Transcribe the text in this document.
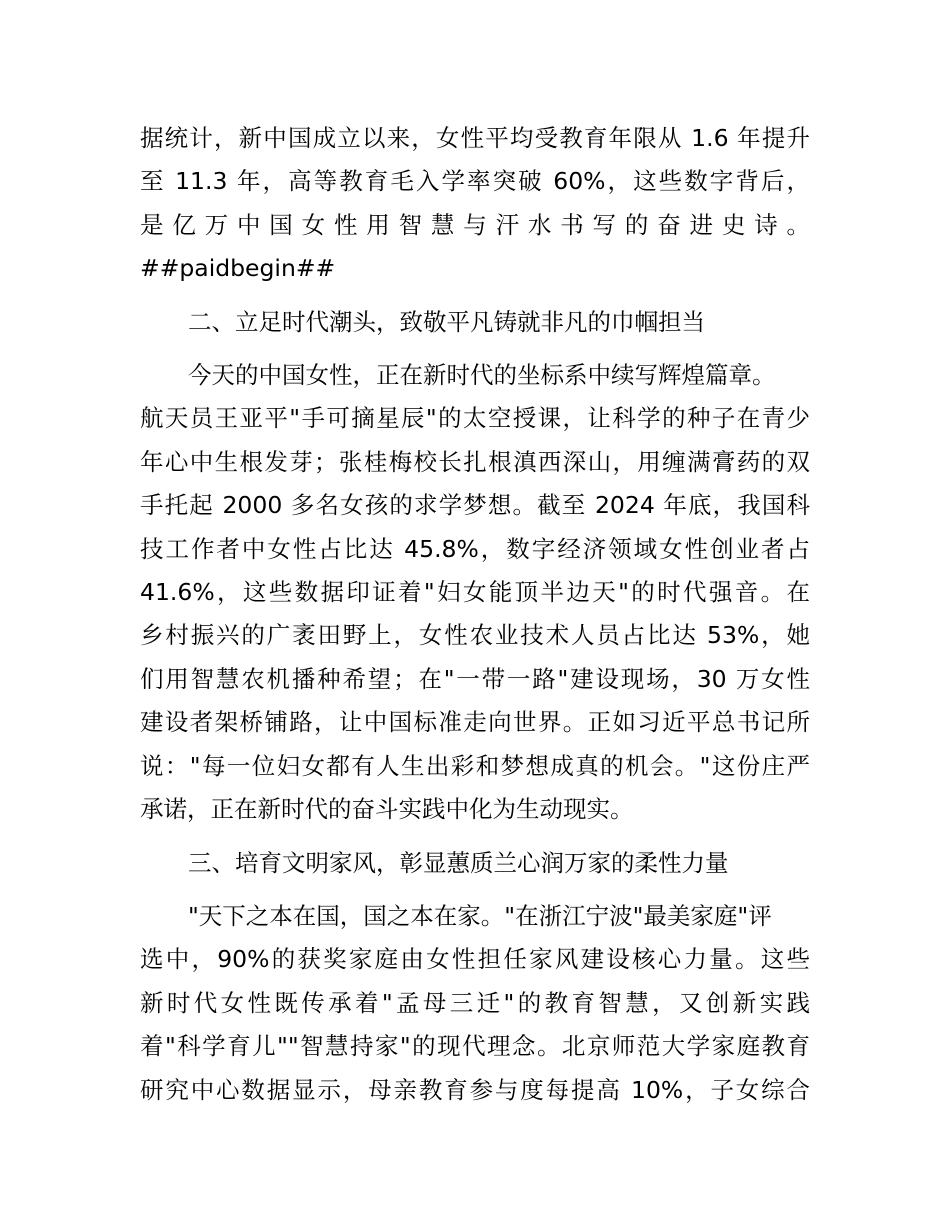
据统计，新中国成立以来，女性平均受教育年限从 1.6 年提升
至 11.3 年，高等教育毛入学率突破 60%，这些数字背后，
是亿万中国女性用智慧与汗水书写的奋进史诗。
##paidbegin##

二、立足时代潮头，致敬平凡铸就非凡的巾帼担当

今天的中国女性，正在新时代的坐标系中续写辉煌篇章。
航天员王亚平"手可摘星辰"的太空授课，让科学的种子在青少
年心中生根发芽；张桂梅校长扎根滇西深山，用缠满膏药的双
手托起 2000 多名女孩的求学梦想。截至 2024 年底，我国科
技工作者中女性占比达 45.8%，数字经济领域女性创业者占
41.6%，这些数据印证着"妇女能顶半边天"的时代强音。在
乡村振兴的广袤田野上，女性农业技术人员占比达 53%，她
们用智慧农机播种希望；在"一带一路"建设现场，30 万女性
建设者架桥铺路，让中国标准走向世界。正如习近平总书记所
说："每一位妇女都有人生出彩和梦想成真的机会。"这份庄严
承诺，正在新时代的奋斗实践中化为生动现实。

三、培育文明家风，彰显蕙质兰心润万家的柔性力量

"天下之本在国，国之本在家。"在浙江宁波"最美家庭"评
选中，90%的获奖家庭由女性担任家风建设核心力量。这些
新时代女性既传承着"孟母三迁"的教育智慧，又创新实践
着"科学育儿""智慧持家"的现代理念。北京师范大学家庭教育
研究中心数据显示，母亲教育参与度每提高 10%，子女综合
